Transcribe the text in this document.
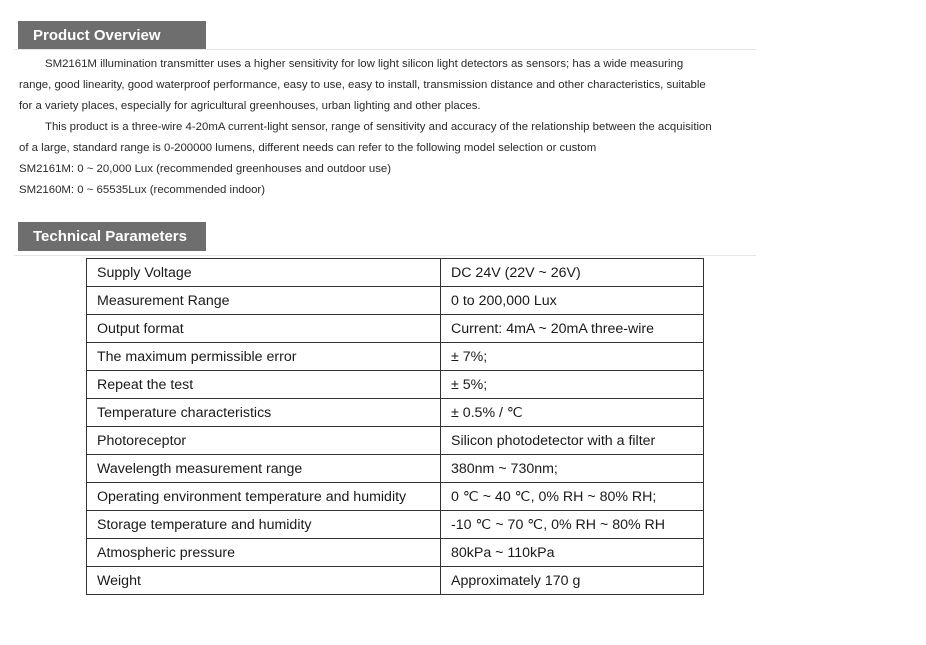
Product Overview
SM2161M illumination transmitter uses a higher sensitivity for low light silicon light detectors as sensors; has a wide measuring
range, good linearity, good waterproof performance, easy to use, easy to install, transmission distance and other characteristics, suitable
for a variety places, especially for agricultural greenhouses, urban lighting and other places.
This product is a three-wire 4-20mA current-light sensor, range of sensitivity and accuracy of the relationship between the acquisition
of a large, standard range is 0-200000 lumens, different needs can refer to the following model selection or custom
SM2161M: 0 ~ 20,000 Lux (recommended greenhouses and outdoor use)
SM2160M: 0 ~ 65535Lux (recommended indoor)
Technical Parameters
Supply Voltage	DC 24V (22V ~ 26V)
Measurement Range	0 to 200,000 Lux
Output format	Current: 4mA ~ 20mA three-wire
The maximum permissible error	± 7%;
Repeat the test	± 5%;
Temperature characteristics	± 0.5% / ℃
Photoreceptor	Silicon photodetector with a filter
Wavelength measurement range	380nm ~ 730nm;
Operating environment temperature and humidity	0 ℃ ~ 40 ℃, 0% RH ~ 80% RH;
Storage temperature and humidity	-10 ℃ ~ 70 ℃, 0% RH ~ 80% RH
Atmospheric pressure	80kPa ~ 110kPa
Weight	Approximately 170 g
